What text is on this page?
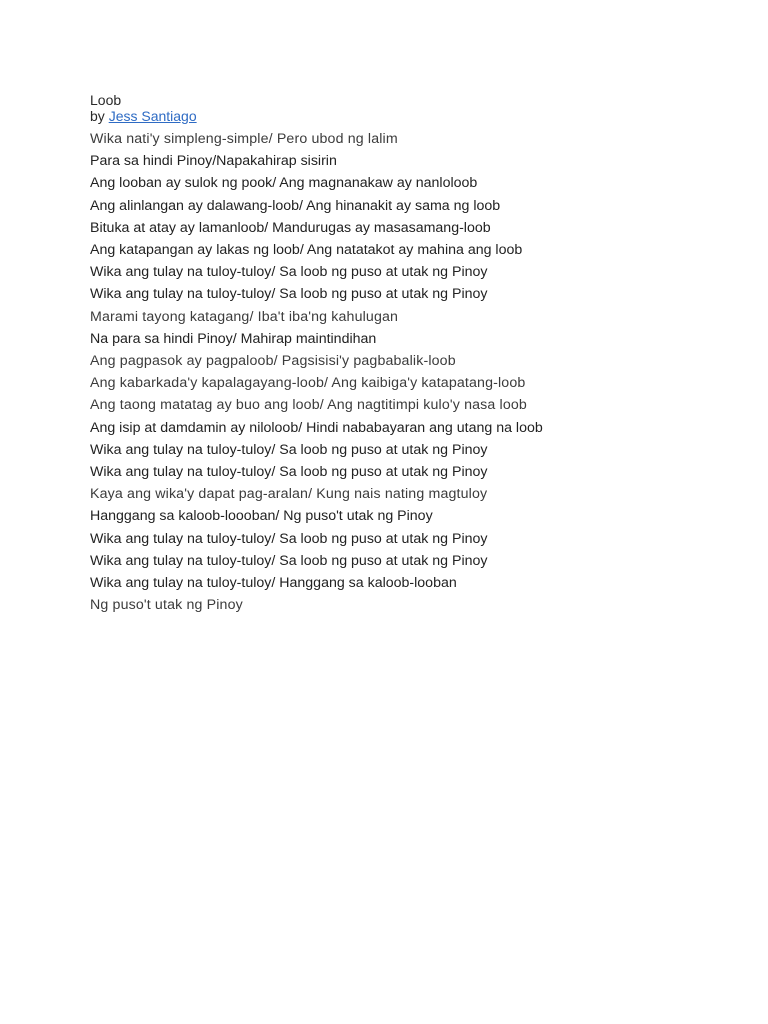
Loob

by Jess Santiago

Wika nati'y simpleng-simple/ Pero ubod ng lalim
Para sa hindi Pinoy/Napakahirap sisirin
Ang looban ay sulok ng pook/ Ang magnanakaw ay nanloloob
Ang alinlangan ay dalawang-loob/ Ang hinanakit ay sama ng loob
Bituka at atay ay lamanloob/ Mandurugas ay masasamang-loob
Ang katapangan ay lakas ng loob/ Ang natatakot ay mahina ang loob
Wika ang tulay na tuloy-tuloy/ Sa loob ng puso at utak ng Pinoy
Wika ang tulay na tuloy-tuloy/ Sa loob ng puso at utak ng Pinoy
Marami tayong katagang/ Iba't iba'ng kahulugan
Na para sa hindi Pinoy/ Mahirap maintindihan
Ang pagpasok ay pagpaloob/ Pagsisisi'y pagbabalik-loob
Ang kabarkada'y kapalagayang-loob/ Ang kaibiga'y katapatang-loob
Ang taong matatag ay buo ang loob/ Ang nagtitimpi kulo'y nasa loob
Ang isip at damdamin ay niloloob/ Hindi nababayaran ang utang na loob
Wika ang tulay na tuloy-tuloy/ Sa loob ng puso at utak ng Pinoy
Wika ang tulay na tuloy-tuloy/ Sa loob ng puso at utak ng Pinoy
Kaya ang wika'y dapat pag-aralan/ Kung nais nating magtuloy
Hanggang sa kaloob-loooban/ Ng puso't utak ng Pinoy
Wika ang tulay na tuloy-tuloy/ Sa loob ng puso at utak ng Pinoy
Wika ang tulay na tuloy-tuloy/ Sa loob ng puso at utak ng Pinoy
Wika ang tulay na tuloy-tuloy/ Hanggang sa kaloob-looban
Ng puso't utak ng Pinoy
